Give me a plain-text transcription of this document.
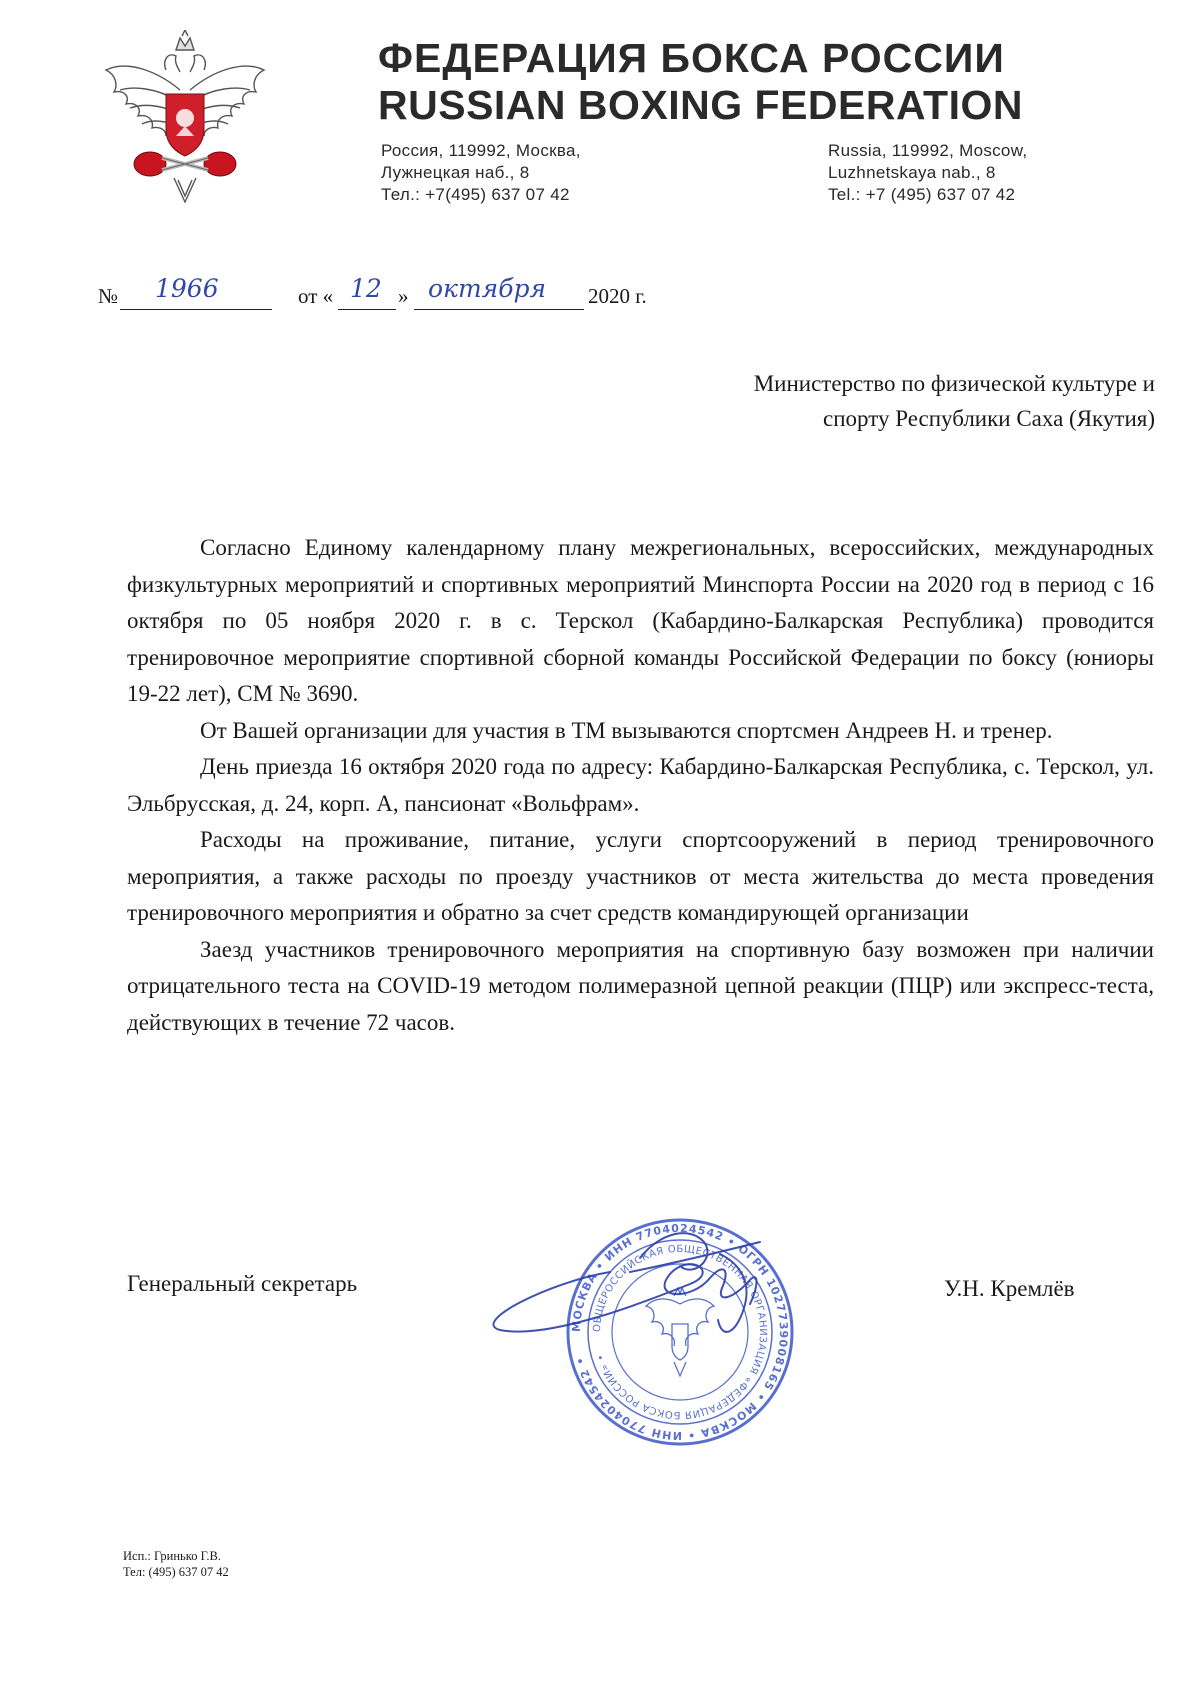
ФЕДЕРАЦИЯ БОКСА РОССИИ
RUSSIAN BOXING FEDERATION
Россия, 119992, Москва,
Лужнецкая наб., 8
Тел.: +7(495) 637 07 42
Russia, 119992, Moscow,
Luzhnetskaya nab., 8
Tel.: +7 (495) 637 07 42
№ 1966	от « 12 » октября 2020 г.
Министерство по физической культуре и
спорту Республики Саха (Якутия)

Согласно Единому календарному плану межрегиональных, всероссийских, международных физкультурных мероприятий и спортивных мероприятий Минспорта России на 2020 год в период с 16 октября по 05 ноября 2020 г. в с. Терскол (Кабардино-Балкарская Республика) проводится тренировочное мероприятие спортивной сборной команды Российской Федерации по боксу (юниоры 19-22 лет), СМ № 3690.

От Вашей организации для участия в ТМ вызываются спортсмен Андреев Н. и тренер.

День приезда 16 октября 2020 года по адресу: Кабардино-Балкарская Республика, с. Терскол, ул. Эльбрусская, д. 24, корп. А, пансионат «Вольфрам».

Расходы на проживание, питание, услуги спортсооружений в период тренировочного мероприятия, а также расходы по проезду участников от места жительства до места проведения тренировочного мероприятия и обратно за счет средств командирующей организации

Заезд участников тренировочного мероприятия на спортивную базу возможен при наличии отрицательного теста на COVID-19 методом полимеразной цепной реакции (ПЦР) или экспресс-теста, действующих в течение 72 часов.

Генеральный секретарь	У.Н. Кремлёв
МОСКВА • ИНН 7704024542 • ОГРН 1027739008165 • МОСКВА • ИНН 7704024542 •
ОБЩЕРОССИЙСКАЯ ОБЩЕСТВЕННАЯ ОРГАНИЗАЦИЯ «ФЕДЕРАЦИЯ БОКСА РОССИИ» •
Исп.: Гринько Г.В.
Тел: (495) 637 07 42
